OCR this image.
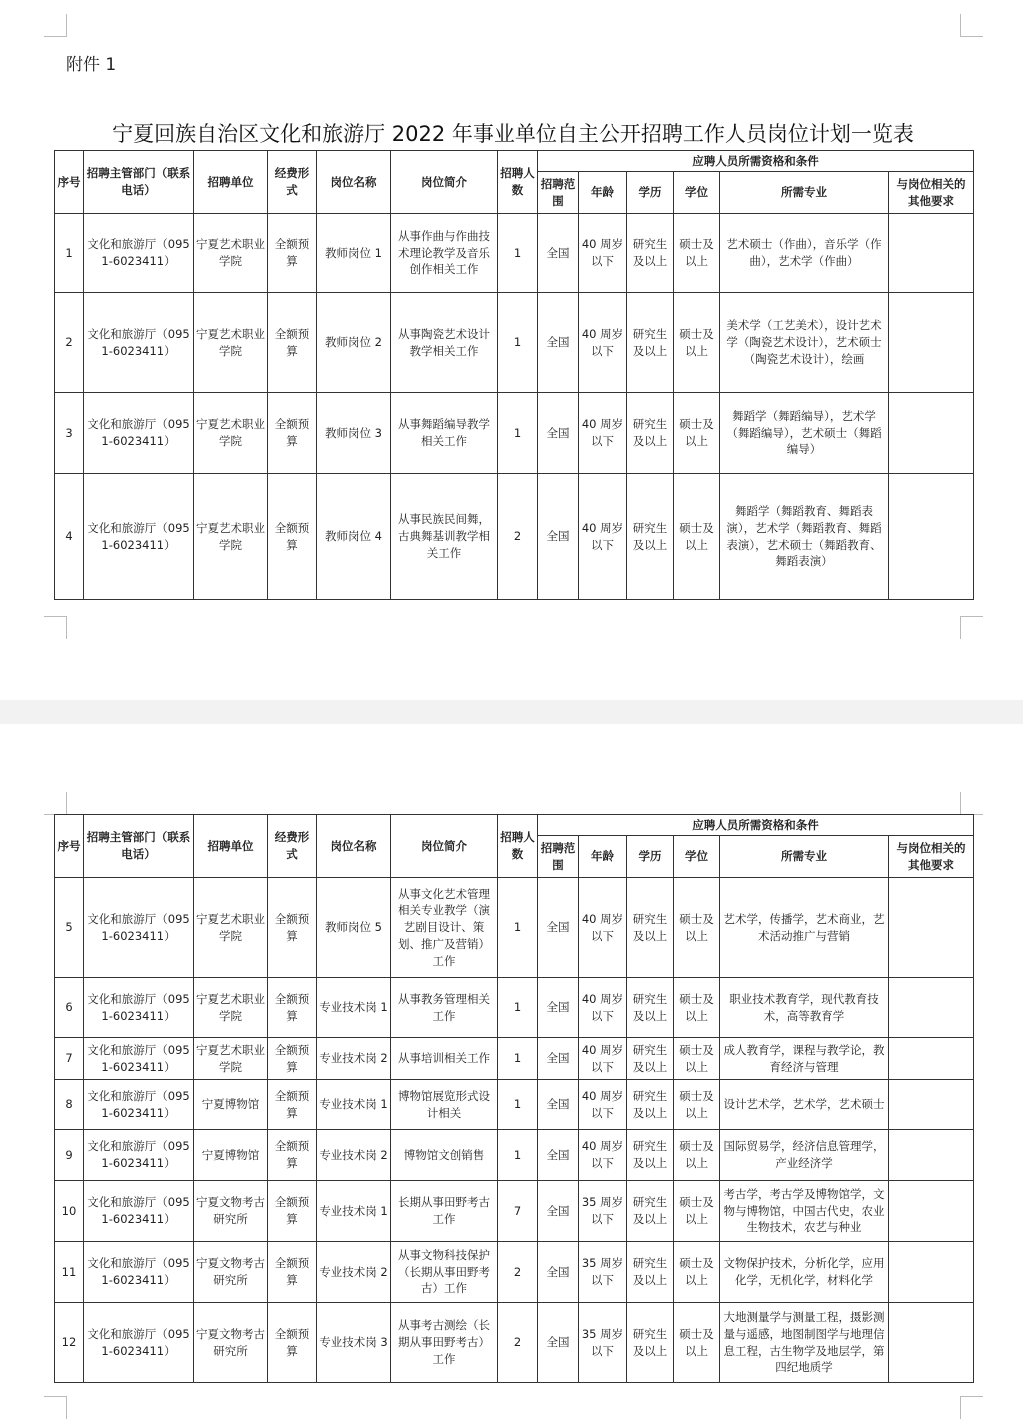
附件 1
宁夏回族自治区文化和旅游厅 2022 年事业单位自主公开招聘工作人员岗位计划一览表
序号	招聘主管部门（联系电话）	招聘单位	经费形式	岗位名称	岗位简介	招聘人数	应聘人员所需资格和条件					
							招聘范围	年龄	学历	学位	所需专业	与岗位相关的其他要求
1	文化和旅游厅（0951-6023411）	宁夏艺术职业学院	全额预算	教师岗位 1	从事作曲与作曲技术理论教学及音乐创作相关工作	1	全国	40 周岁以下	研究生及以上	硕士及以上	艺术硕士（作曲），音乐学（作曲），艺术学（作曲）	
2	文化和旅游厅（0951-6023411）	宁夏艺术职业学院	全额预算	教师岗位 2	从事陶瓷艺术设计教学相关工作	1	全国	40 周岁以下	研究生及以上	硕士及以上	美术学（工艺美术），设计艺术学（陶瓷艺术设计），艺术硕士（陶瓷艺术设计），绘画	
3	文化和旅游厅（0951-6023411）	宁夏艺术职业学院	全额预算	教师岗位 3	从事舞蹈编导教学相关工作	1	全国	40 周岁以下	研究生及以上	硕士及以上	舞蹈学（舞蹈编导），艺术学（舞蹈编导），艺术硕士（舞蹈编导）	
4	文化和旅游厅（0951-6023411）	宁夏艺术职业学院	全额预算	教师岗位 4	从事民族民间舞，古典舞基训教学相关工作	2	全国	40 周岁以下	研究生及以上	硕士及以上	舞蹈学（舞蹈教育、舞蹈表演），艺术学（舞蹈教育、舞蹈表演），艺术硕士（舞蹈教育、舞蹈表演）	
序号	招聘主管部门（联系电话）	招聘单位	经费形式	岗位名称	岗位简介	招聘人数	应聘人员所需资格和条件					
							招聘范围	年龄	学历	学位	所需专业	与岗位相关的其他要求
5	文化和旅游厅（0951-6023411）	宁夏艺术职业学院	全额预算	教师岗位 5	从事文化艺术管理相关专业教学（演艺剧目设计、策划、推广及营销）工作	1	全国	40 周岁以下	研究生及以上	硕士及以上	艺术学，传播学，艺术商业，艺术活动推广与营销	
6	文化和旅游厅（0951-6023411）	宁夏艺术职业学院	全额预算	专业技术岗 1	从事教务管理相关工作	1	全国	40 周岁以下	研究生及以上	硕士及以上	职业技术教育学，现代教育技术，高等教育学	
7	文化和旅游厅（0951-6023411）	宁夏艺术职业学院	全额预算	专业技术岗 2	从事培训相关工作	1	全国	40 周岁以下	研究生及以上	硕士及以上	成人教育学，课程与教学论，教育经济与管理	
8	文化和旅游厅（0951-6023411）	宁夏博物馆	全额预算	专业技术岗 1	博物馆展览形式设计相关	1	全国	40 周岁以下	研究生及以上	硕士及以上	设计艺术学，艺术学，艺术硕士	
9	文化和旅游厅（0951-6023411）	宁夏博物馆	全额预算	专业技术岗 2	博物馆文创销售	1	全国	40 周岁以下	研究生及以上	硕士及以上	国际贸易学，经济信息管理学，产业经济学	
10	文化和旅游厅（0951-6023411）	宁夏文物考古研究所	全额预算	专业技术岗 1	长期从事田野考古工作	7	全国	35 周岁以下	研究生及以上	硕士及以上	考古学，考古学及博物馆学，文物与博物馆，中国古代史，农业生物技术，农艺与种业	
11	文化和旅游厅（0951-6023411）	宁夏文物考古研究所	全额预算	专业技术岗 2	从事文物科技保护（长期从事田野考古）工作	2	全国	35 周岁以下	研究生及以上	硕士及以上	文物保护技术，分析化学，应用化学，无机化学，材料化学	
12	文化和旅游厅（0951-6023411）	宁夏文物考古研究所	全额预算	专业技术岗 3	从事考古测绘（长期从事田野考古）工作	2	全国	35 周岁以下	研究生及以上	硕士及以上	大地测量学与测量工程，摄影测量与遥感，地图制图学与地理信息工程，古生物学及地层学，第四纪地质学	
